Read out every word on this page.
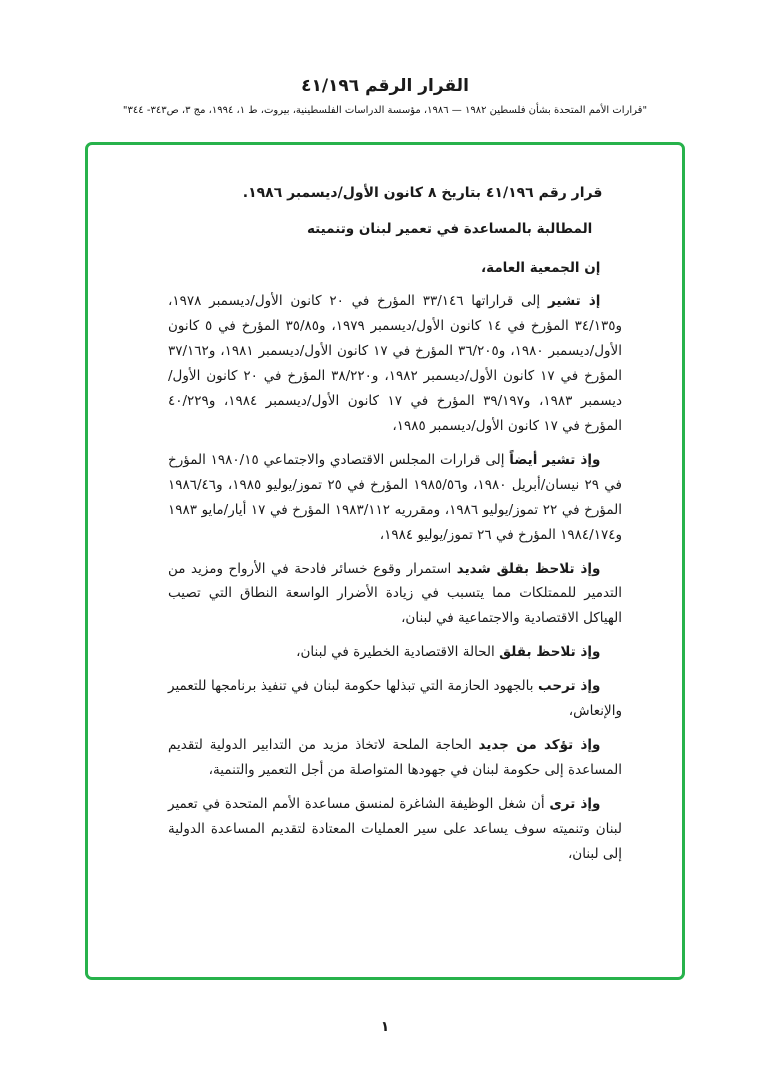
القرار الرقم ٤١/١٩٦
"قرارات الأمم المتحدة بشأن فلسطين ١٩٨٢ — ١٩٨٦، مؤسسة الدراسات الفلسطينية، بيروت، ط ١، ١٩٩٤، مج ٣، ص٣٤٣- ٣٤٤"

قرار رقم ٤١/١٩٦ بتاريخ ٨ كانون الأول/ديسمبر ١٩٨٦.

المطالبة بالمساعدة في تعمير لبنان وتنميته

إن الجمعية العامة،

إذ تشير إلى قراراتها ٣٣/١٤٦ المؤرخ في ٢٠ كانون الأول/ديسمبر ١٩٧٨، و٣٤/١٣٥ المؤرخ في ١٤ كانون الأول/ديسمبر ١٩٧٩، و٣٥/٨٥ المؤرخ في ٥ كانون الأول/ديسمبر ١٩٨٠، و٣٦/٢٠٥ المؤرخ في ١٧ كانون الأول/ديسمبر ١٩٨١، و٣٧/١٦٢ المؤرخ في ١٧ كانون الأول/ديسمبر ١٩٨٢، و٣٨/٢٢٠ المؤرخ في ٢٠ كانون الأول/ديسمبر ١٩٨٣، و٣٩/١٩٧ المؤرخ في ١٧ كانون الأول/ديسمبر ١٩٨٤، و٤٠/٢٢٩ المؤرخ في ١٧ كانون الأول/ديسمبر ١٩٨٥،

وإذ تشير أيضاً إلى قرارات المجلس الاقتصادي والاجتماعي ١٩٨٠/١٥ المؤرخ في ٢٩ نيسان/أبريل ١٩٨٠، و١٩٨٥/٥٦ المؤرخ في ٢٥ تموز/يوليو ١٩٨٥، و١٩٨٦/٤٦ المؤرخ في ٢٢ تموز/يوليو ١٩٨٦، ومقرريه ١٩٨٣/١١٢ المؤرخ في ١٧ أيار/مايو ١٩٨٣ و١٩٨٤/١٧٤ المؤرخ في ٢٦ تموز/يوليو ١٩٨٤،

وإذ تلاحظ بقلق شديد استمرار وقوع خسائر فادحة في الأرواح ومزيد من التدمير للممتلكات مما يتسبب في زيادة الأضرار الواسعة النطاق التي تصيب الهياكل الاقتصادية والاجتماعية في لبنان،

وإذ تلاحظ بقلق الحالة الاقتصادية الخطيرة في لبنان،

وإذ ترحب بالجهود الحازمة التي تبذلها حكومة لبنان في تنفيذ برنامجها للتعمير والإنعاش،

وإذ تؤكد من جديد الحاجة الملحة لاتخاذ مزيد من التدابير الدولية لتقديم المساعدة إلى حكومة لبنان في جهودها المتواصلة من أجل التعمير والتنمية،

وإذ ترى أن شغل الوظيفة الشاغرة لمنسق مساعدة الأمم المتحدة في تعمير لبنان وتنميته سوف يساعد على سير العمليات المعتادة لتقديم المساعدة الدولية إلى لبنان،

١
